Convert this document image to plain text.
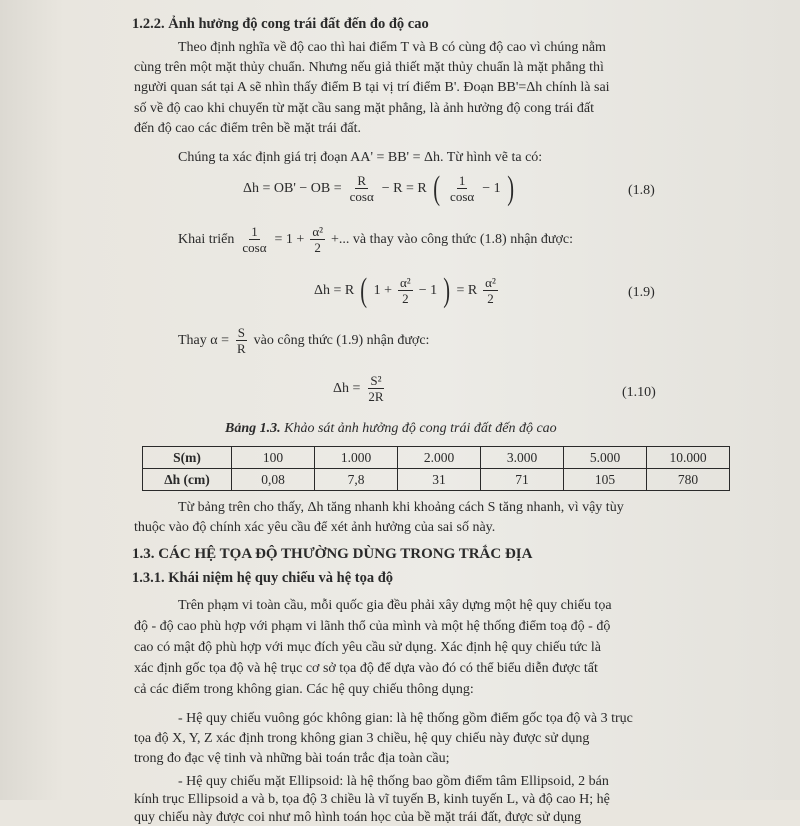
1.2.2. Ảnh hưởng độ cong trái đất đến đo độ cao
Theo định nghĩa về độ cao thì hai điểm T và B có cùng độ cao vì chúng nằm
cùng trên một mặt thủy chuẩn. Nhưng nếu giả thiết mặt thủy chuẩn là mặt phẳng thì
người quan sát tại A sẽ nhìn thấy điểm B tại vị trí điểm B'. Đoạn BB'=Δh chính là sai
số về độ cao khi chuyển từ mặt cầu sang mặt phẳng, là ảnh hưởng độ cong trái đất
đến độ cao các điểm trên bề mặt trái đất.
Chúng ta xác định giá trị đoạn AA' = BB' = Δh. Từ hình vẽ ta có:
Δh = OB' − OB = $\frac{R}{\cos\alpha} - R = R$ ( $\frac{1}{\cos\alpha} - 1$ )	(1.8)
Khai triển $\frac{1}{\cos\alpha} = 1 + \frac{\text{α²}}{2}$ +... và thay vào công thức (1.8) nhận được:
Δh = R ( $1 + \frac{\text{α²}}{2} - 1$ ) = R $\frac{\text{α²}}{2}$	(1.9)
Thay $\alpha = \frac{S}{R}$ vào công thức (1.9) nhận được:
$\Delta h = \frac{\text{S²}}{2R}$	(1.10)
Bảng 1.3. Khảo sát ảnh hưởng độ cong trái đất đến độ cao
S(m)	100	1.000	2.000	3.000	5.000	10.000
Δh (cm)	0,08	7,8	31	71	105	780
Từ bảng trên cho thấy, Δh tăng nhanh khi khoảng cách S tăng nhanh, vì vậy tùy
thuộc vào độ chính xác yêu cầu để xét ảnh hưởng của sai số này.
1.3. CÁC HỆ TỌA ĐỘ THƯỜNG DÙNG TRONG TRẮC ĐỊA
1.3.1. Khái niệm hệ quy chiếu và hệ tọa độ
Trên phạm vi toàn cầu, mỗi quốc gia đều phải xây dựng một hệ quy chiếu tọa
độ - độ cao phù hợp với phạm vi lãnh thổ của mình và một hệ thống điểm toạ độ - độ
cao có mật độ phù hợp với mục đích yêu cầu sử dụng. Xác định hệ quy chiếu tức là
xác định gốc tọa độ và hệ trục cơ sở tọa độ để dựa vào đó có thể biểu diễn được tất
cả các điểm trong không gian. Các hệ quy chiếu thông dụng:
- Hệ quy chiếu vuông góc không gian: là hệ thống gồm điểm gốc tọa độ và 3 trục
tọa độ X, Y, Z xác định trong không gian 3 chiều, hệ quy chiếu này được sử dụng
trong đo đạc vệ tinh và những bài toán trắc địa toàn cầu;
- Hệ quy chiếu mặt Ellipsoid: là hệ thống bao gồm điểm tâm Ellipsoid, 2 bán
kính trục Ellipsoid a và b, tọa độ 3 chiều là vĩ tuyến B, kinh tuyến L, và độ cao H; hệ
quy chiếu này được coi như mô hình toán học của bề mặt trái đất, được sử dụng
